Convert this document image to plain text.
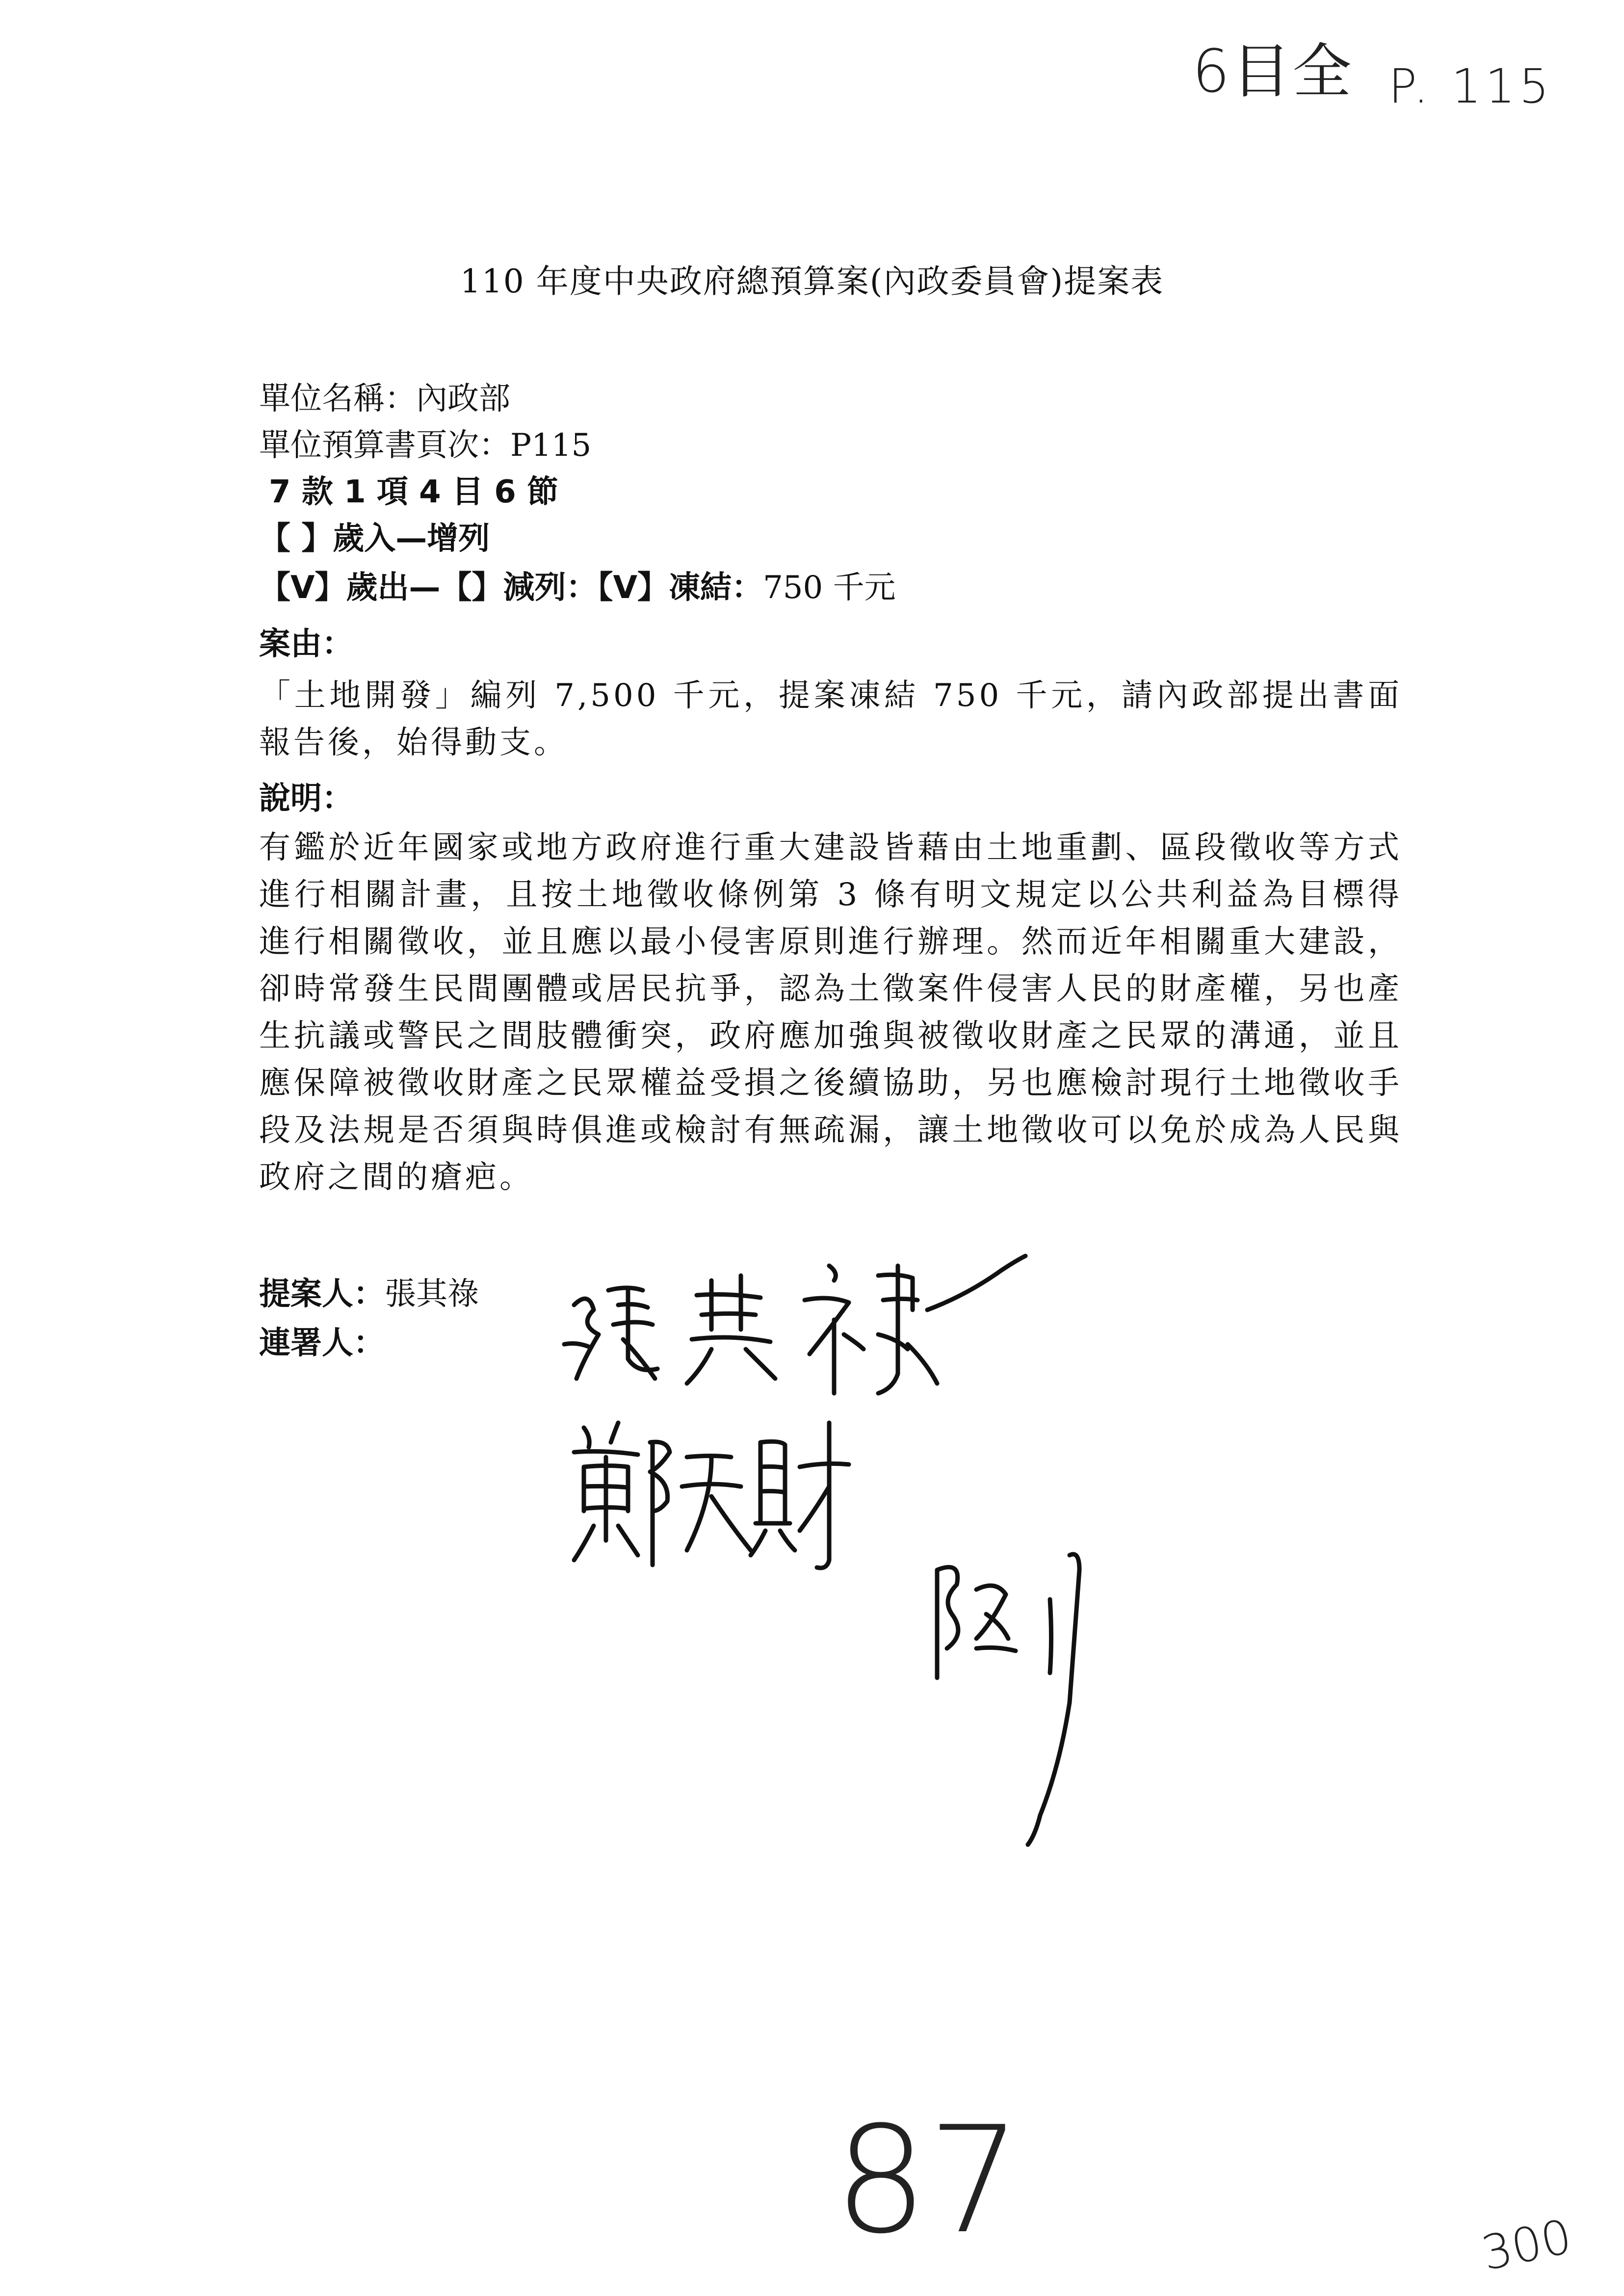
6目全 P. 115
110 年度中央政府總預算案(內政委員會)提案表
單位名稱：內政部
單位預算書頁次：P115
7 款 1 項 4 目 6 節
【 】歲入—增列
【V】歲出—【】減列：【V】凍結：750 千元
案由：
「土地開發」編列 7,500 千元，提案凍結 750 千元，請內政部提出書面報告後，始得動支。
說明：
有鑑於近年國家或地方政府進行重大建設皆藉由土地重劃、區段徵收等方式進行相關計畫，且按土地徵收條例第 3 條有明文規定以公共利益為目標得進行相關徵收，並且應以最小侵害原則進行辦理。然而近年相關重大建設，卻時常發生民間團體或居民抗爭，認為土徵案件侵害人民的財產權，另也產生抗議或警民之間肢體衝突，政府應加強與被徵收財產之民眾的溝通，並且應保障被徵收財產之民眾權益受損之後續協助，另也應檢討現行土地徵收手段及法規是否須與時俱進或檢討有無疏漏，讓土地徵收可以免於成為人民與政府之間的瘡疤。
提案人：張其祿
連署人：
87	300
